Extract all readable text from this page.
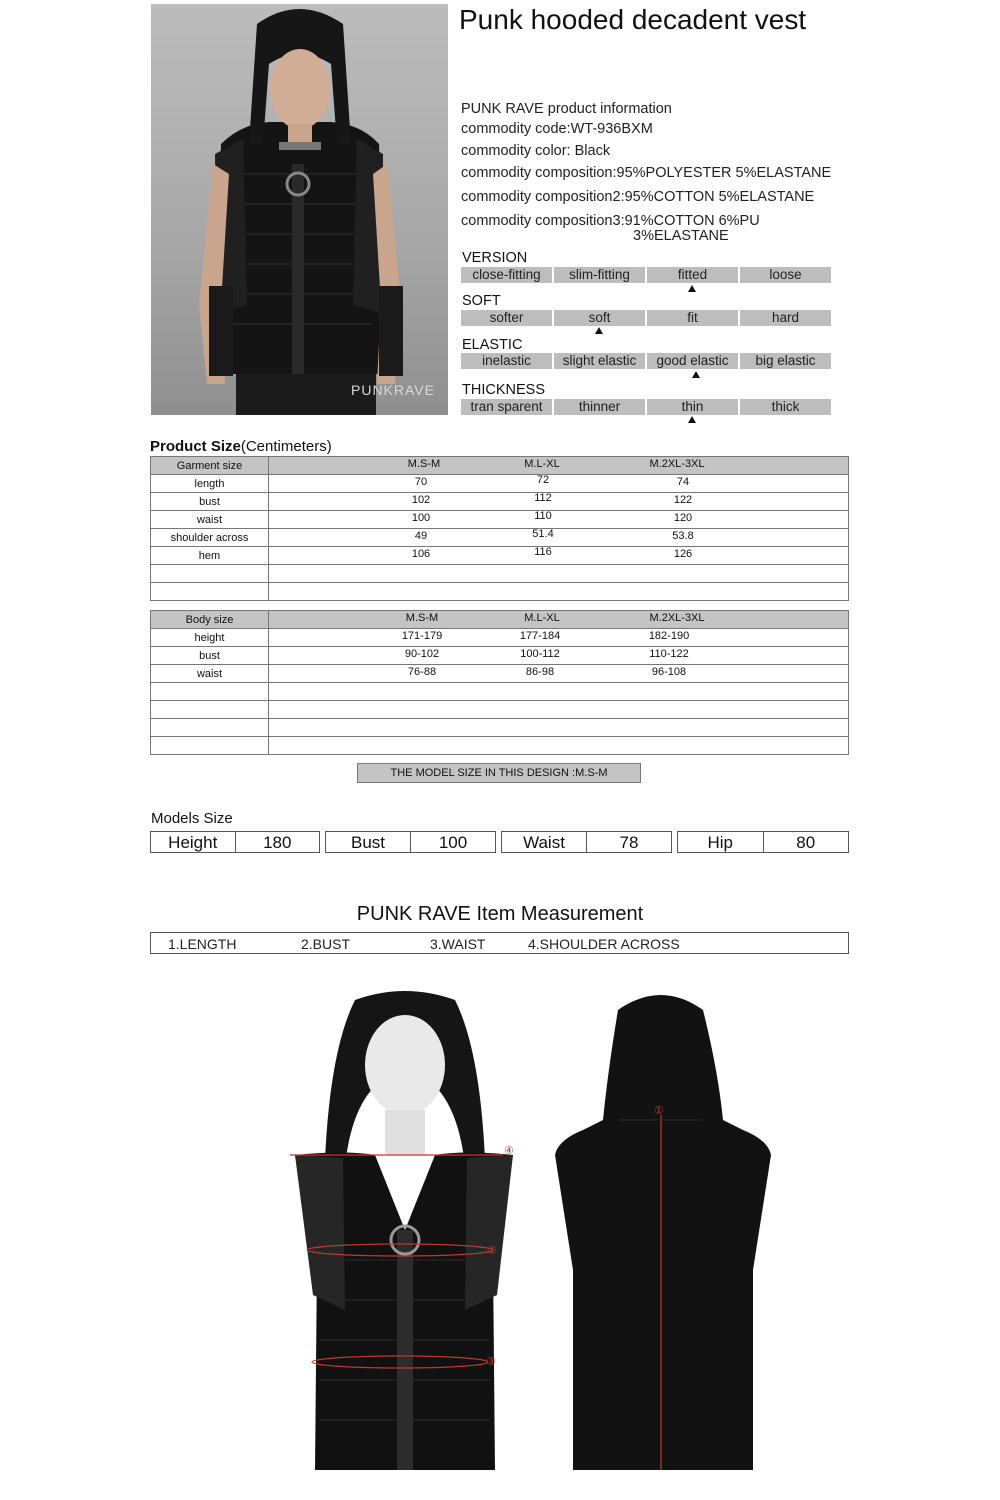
PUNKRAVE
Punk hooded decadent vest
PUNK RAVE product information
commodity code:WT-936BXM
commodity color: Black
commodity composition:95%POLYESTER 5%ELASTANE
commodity composition2:95%COTTON 5%ELASTANE
commodity composition3:91%COTTON 6%PU
3%ELASTANE
VERSION
close-fitting	slim-fitting	fitted	loose
SOFT
softer	soft	fit	hard
ELASTIC
inelastic	slight elastic	good elastic	big elastic
THICKNESS
tran sparent	thinner	thin	thick
Product Size(Centimeters)
Garment size	M.S-M M.L-XL M.2XL-3XL

length	70 72 74

bust	102 112 122

waist	100 110 120

shoulder across	49 51.4 53.8

hem	106 116 126

Body size	M.S-M M.L-XL M.2XL-3XL

height	171-179 177-184 182-190

bust	90-102 100-112 110-122

waist	76-88 86-98 96-108

THE MODEL SIZE IN THIS DESIGN :M.S-M
Models Size
Height	180	Bust	100	Waist	78	Hip	80
PUNK RAVE Item Measurement
1.LENGTH	2.BUST	3.WAIST	4.SHOULDER ACROSS
④
②
③
①
